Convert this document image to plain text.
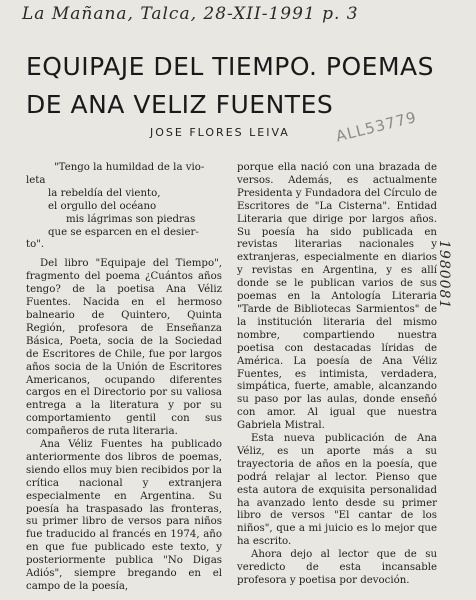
La Mañana, Talca, 28-XII-1991 p. 3
ALL53779
1980081
EQUIPAJE DEL TIEMPO. POEMAS DE ANA VELIZ FUENTES
JOSE FLORES LEIVA
"Tengo la humildad de la vio-
leta
la rebeldía del viento,
el orgullo del océano
mis lágrimas son piedras
que se esparcen en el desier-
to".

Del libro "Equipaje del Tiempo", fragmento del poema ¿Cuántos años tengo? de la poetisa Ana Véliz Fuentes. Nacida en el hermoso balneario de Quintero, Quinta Región, profesora de Enseñanza Básica, Poeta, socia de la Sociedad de Escritores de Chile, fue por largos años socia de la Unión de Escritores Americanos, ocupando diferentes cargos en el Directorio por su valiosa entrega a la literatura y por su comportamiento gentil con sus compañeros de ruta literaria.

Ana Véliz Fuentes ha publicado anteriormente dos libros de poemas, siendo ellos muy bien recibidos por la crítica nacional y extranjera especialmente en Argentina. Su poesía ha traspasado las fronteras, su primer libro de versos para niños fue traducido al francés en 1974, año en que fue publicado este texto, y posteriormente publica "No Digas Adiós", siempre bregando en el campo de la poesía,

porque ella nació con una brazada de versos. Además, es actualmente Presidenta y Fundadora del Círculo de Escritores de "La Cisterna". Entidad Literaria que dirige por largos años. Su poesía ha sido publicada en revistas literarias nacionales y extranjeras, especialmente en diarios y revistas en Argentina, y es allí donde se le publican varios de sus poemas en la Antología Literaria "Tarde de Bibliotecas Sarmientos" de la institución literaria del mismo nombre, compartiendo nuestra poetisa con destacadas líridas de América. La poesía de Ana Véliz Fuentes, es intimista, verdadera, simpática, fuerte, amable, alcanzando su paso por las aulas, donde enseñó con amor. Al igual que nuestra Gabriela Mistral.

Esta nueva publicación de Ana Véliz, es un aporte más a su trayectoria de años en la poesía, que podrá relajar al lector. Pienso que esta autora de exquisita personalidad ha avanzado lento desde su primer libro de versos "El cantar de los niños", que a mi juicio es lo mejor que ha escrito.

Ahora dejo al lector que de su veredicto de esta incansable profesora y poetisa por devoción.
